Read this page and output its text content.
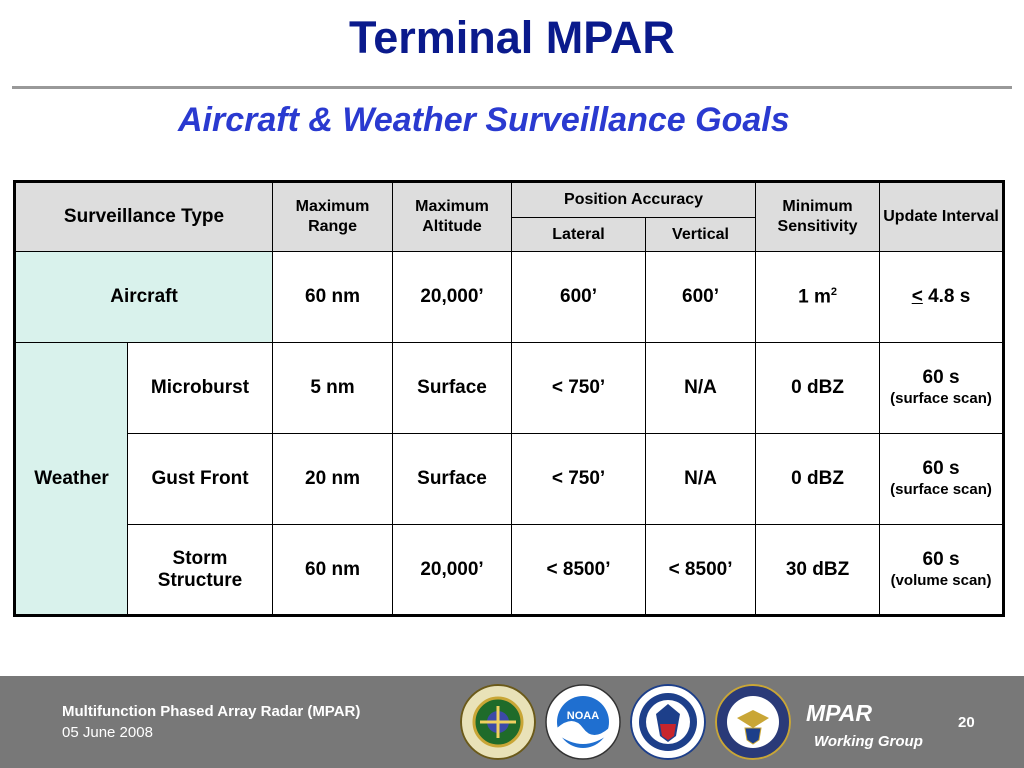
Terminal MPAR
Aircraft & Weather Surveillance Goals
Surveillance Type		Maximum Range	Maximum Altitude	Position Accuracy		Minimum Sensitivity	Update Interval
				Lateral	Vertical		
Aircraft		60 nm	20,000’	600’	600’	1 $m^2$	< 4.8 s
Weather	Microburst	5 nm	Surface	< 750’	N/A	0 dBZ	60 s
(surface scan)

	Gust Front	20 nm	Surface	< 750’	N/A	0 dBZ	60 s
(surface scan)

	Storm Structure	60 nm	20,000’	< 8500’	< 8500’	30 dBZ	60 s
(volume scan)
Multifunction Phased Array Radar (MPAR)
05 June 2008
NOAA	MPAR
Working Group
20
